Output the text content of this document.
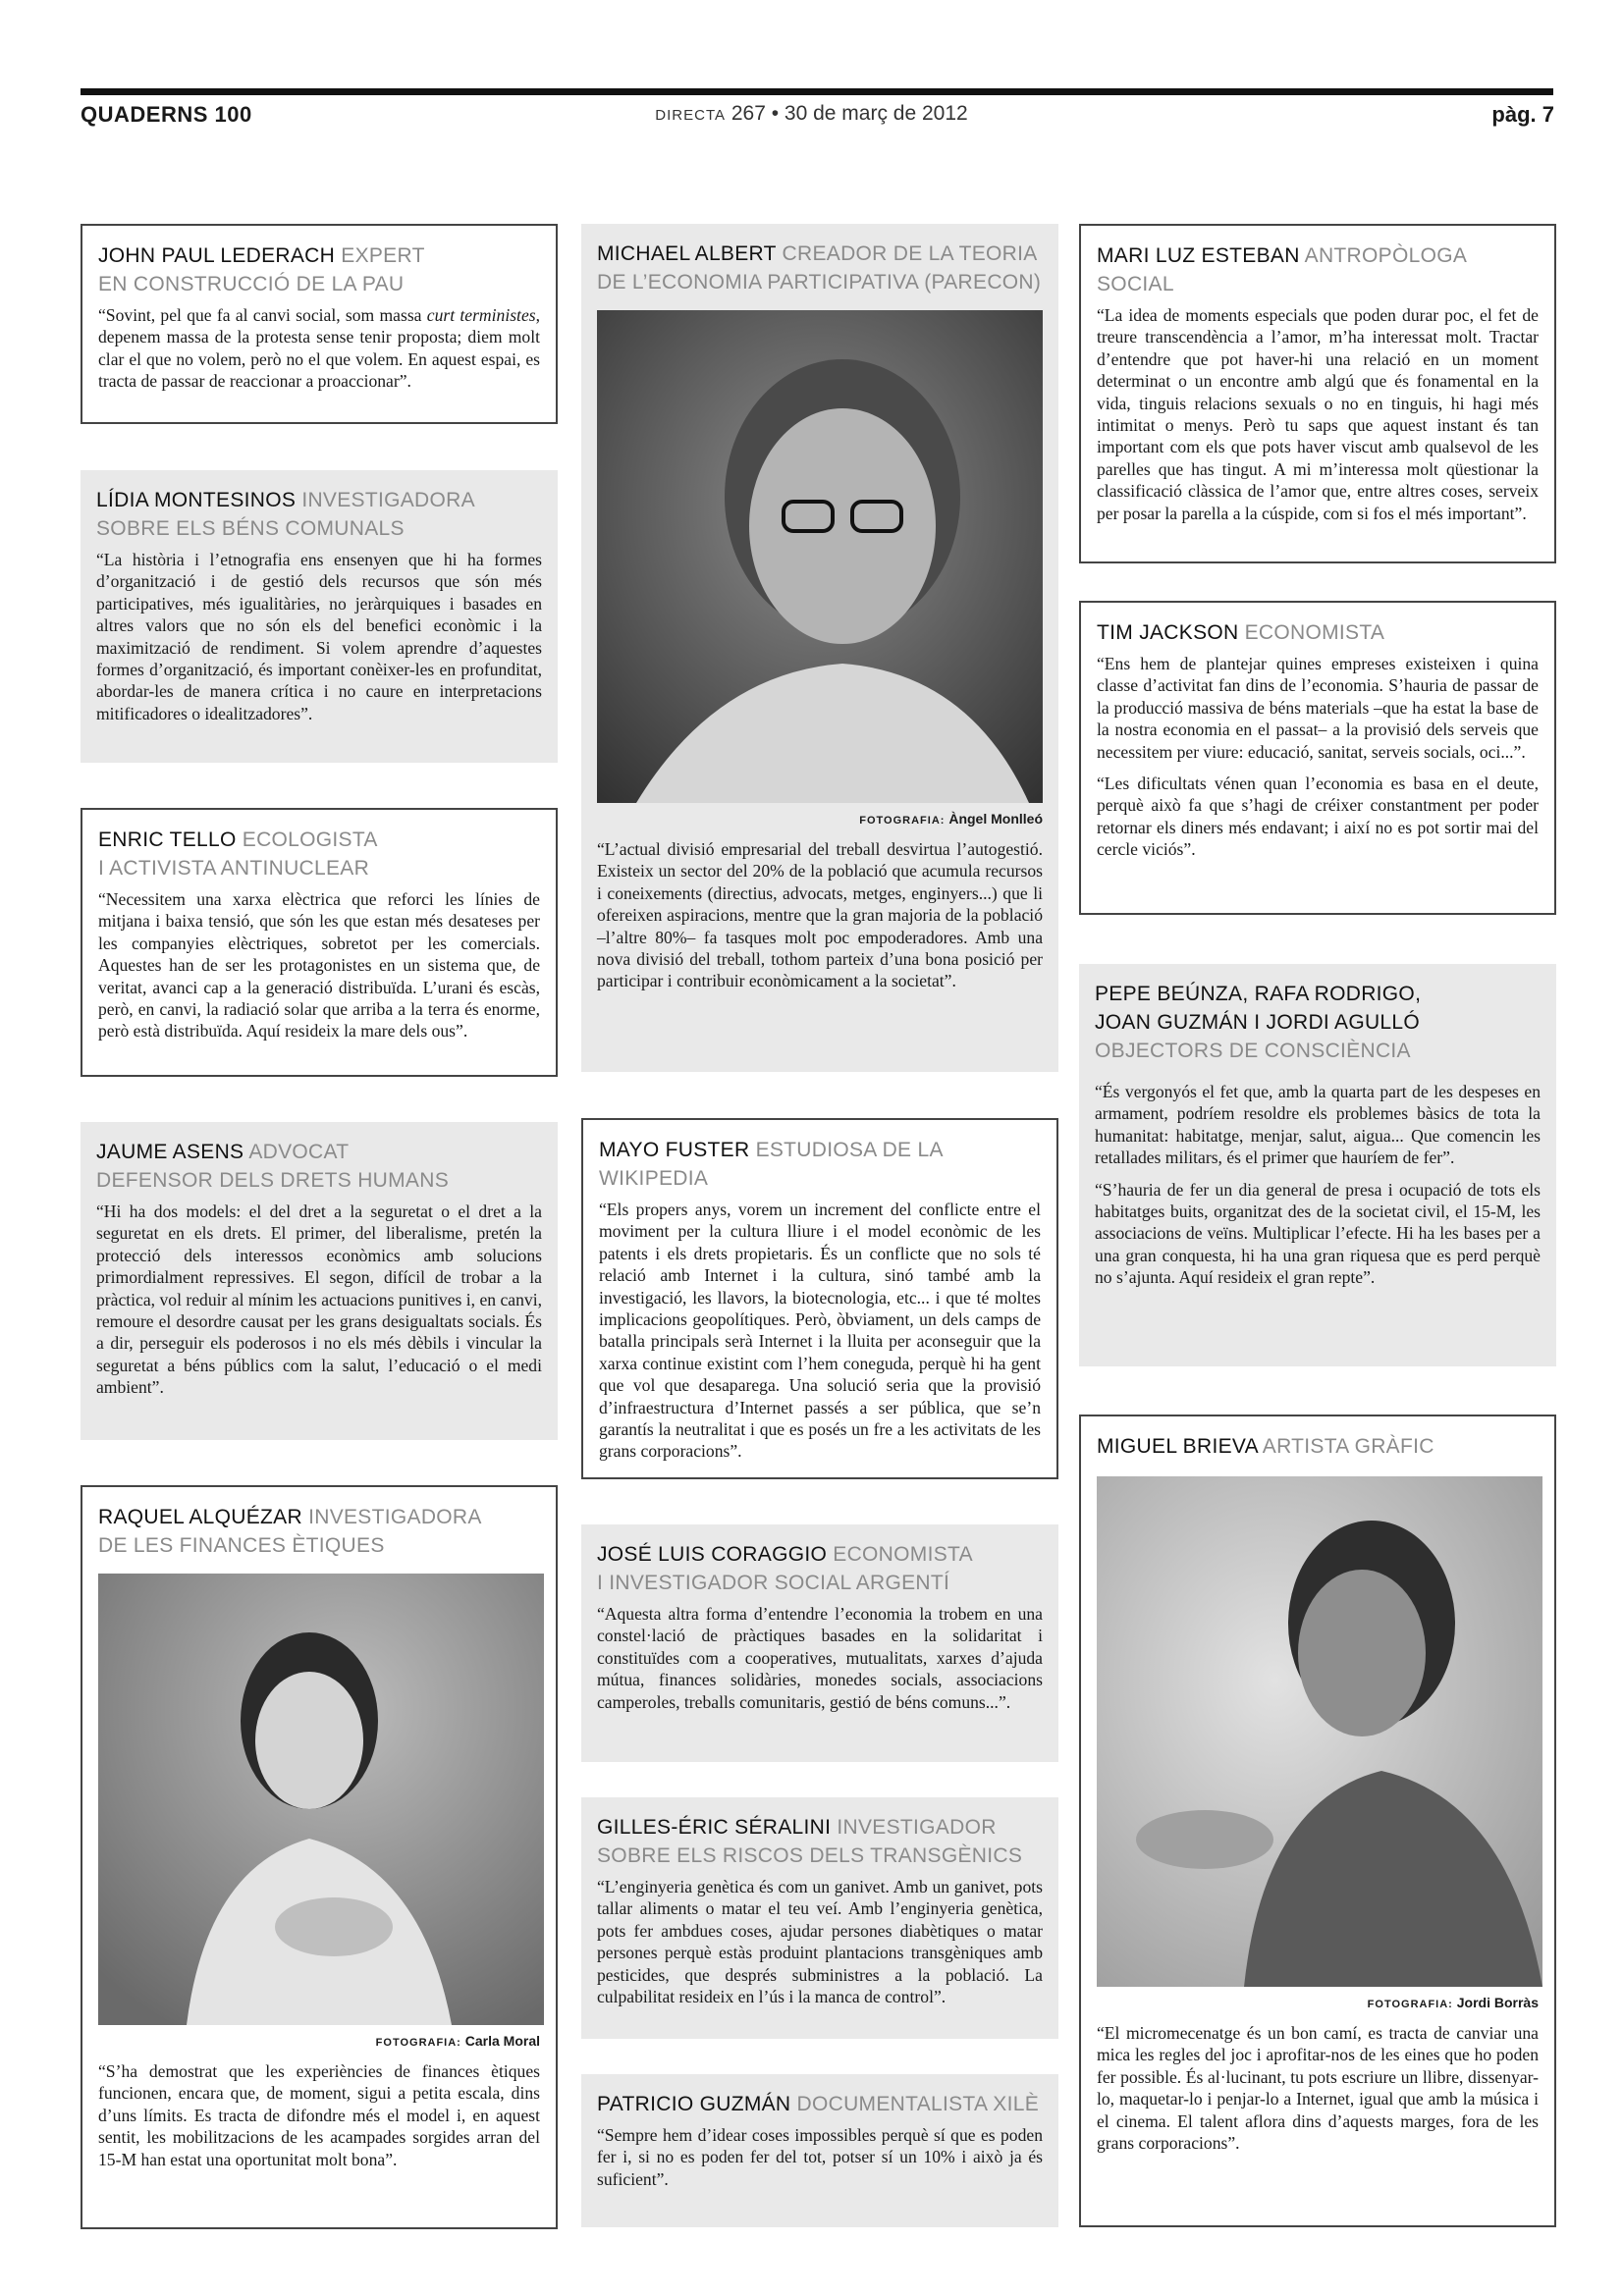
QUADERNS 100	DIRECTA 267 • 30 de març de 2012	pàg. 7
JOHN PAUL LEDERACH EXPERT
EN CONSTRUCCIÓ DE LA PAU

“Sovint, pel que fa al canvi social, som massa curt terministes, depenem massa de la protesta sense tenir proposta; diem molt clar el que no volem, però no el que volem. En aquest espai, es tracta de passar de reaccionar a proaccionar”.

LÍDIA MONTESINOS INVESTIGADORA
SOBRE ELS BÉNS COMUNALS

“La història i l’etnografia ens ensenyen que hi ha formes d’organització i de gestió dels recursos que són més participatives, més igualitàries, no jeràrquiques i basades en altres valors que no són els del benefici econòmic i la maximització de rendiment. Si volem aprendre d’aquestes formes d’organització, és important conèixer-les en profunditat, abordar-les de manera crítica i no caure en interpretacions mitificadores o idealitzadores”.

ENRIC TELLO ECOLOGISTA
I ACTIVISTA ANTINUCLEAR

“Necessitem una xarxa elèctrica que reforci les línies de mitjana i baixa tensió, que són les que estan més desateses per les companyies elèctriques, sobretot per les comercials. Aquestes han de ser les protagonistes en un sistema que, de veritat, avanci cap a la generació distribuïda. L’urani és escàs, però, en canvi, la radiació solar que arriba a la terra és enorme, però està distribuïda. Aquí resideix la mare dels ous”.

JAUME ASENS ADVOCAT
DEFENSOR DELS DRETS HUMANS

“Hi ha dos models: el del dret a la seguretat o el dret a la seguretat en els drets. El primer, del liberalisme, pretén la protecció dels interessos econòmics amb solucions primordialment repressives. El segon, difícil de trobar a la pràctica, vol reduir al mínim les actuacions punitives i, en canvi, remoure el desordre causat per les grans desigualtats socials. És a dir, perseguir els poderosos i no els més dèbils i vincular la seguretat a béns públics com la salut, l’educació o el medi ambient”.

RAQUEL ALQUÉZAR INVESTIGADORA
DE LES FINANCES ÈTIQUES
FOTOGRAFIA: Carla Moral

“S’ha demostrat que les experiències de finances ètiques funcionen, encara que, de moment, sigui a petita escala, dins d’uns límits. Es tracta de difondre més el model i, en aquest sentit, les mobilitzacions de les acampades sorgides arran del 15-M han estat una oportunitat molt bona”.

MICHAEL ALBERT CREADOR DE LA TEORIA
DE L’ECONOMIA PARTICIPATIVA (PARECON)
FOTOGRAFIA: Àngel Monlleó

“L’actual divisió empresarial del treball desvirtua l’autogestió. Existeix un sector del 20% de la població que acumula recursos i coneixements (directius, advocats, metges, enginyers...) que li ofereixen aspiracions, mentre que la gran majoria de la població –l’altre 80%– fa tasques molt poc empoderadores. Amb una nova divisió del treball, tothom parteix d’una bona posició per participar i contribuir econòmicament a la societat”.

MAYO FUSTER ESTUDIOSA DE LA WIKIPEDIA

“Els propers anys, vorem un increment del conflicte entre el moviment per la cultura lliure i el model econòmic de les patents i els drets propietaris. És un conflicte que no sols té relació amb Internet i la cultura, sinó també amb la investigació, les llavors, la biotecnologia, etc... i que té moltes implicacions geopolítiques. Però, òbviament, un dels camps de batalla principals serà Internet i la lluita per aconseguir que la xarxa continue existint com l’hem coneguda, perquè hi ha gent que vol que desaparega. Una solució seria que la provisió d’infraestructura d’Internet passés a ser pública, que se’n garantís la neutralitat i que es posés un fre a les activitats de les grans corporacions”.

JOSÉ LUIS CORAGGIO ECONOMISTA
I INVESTIGADOR SOCIAL ARGENTÍ

“Aquesta altra forma d’entendre l’economia la trobem en una constel·lació de pràctiques basades en la solidaritat i constituïdes com a cooperatives, mutualitats, xarxes d’ajuda mútua, finances solidàries, monedes socials, associacions camperoles, treballs comunitaris, gestió de béns comuns...”.

GILLES-ÉRIC SÉRALINI INVESTIGADOR
SOBRE ELS RISCOS DELS TRANSGÈNICS

“L’enginyeria genètica és com un ganivet. Amb un ganivet, pots tallar aliments o matar el teu veí. Amb l’enginyeria genètica, pots fer ambdues coses, ajudar persones diabètiques o matar persones perquè estàs produint plantacions transgèniques amb pesticides, que després subministres a la població. La culpabilitat resideix en l’ús i la manca de control”.

PATRICIO GUZMÁN DOCUMENTALISTA XILÈ

“Sempre hem d’idear coses impossibles perquè sí que es poden fer i, si no es poden fer del tot, potser sí un 10% i això ja és suficient”.

MARI LUZ ESTEBAN ANTROPÒLOGA SOCIAL

“La idea de moments especials que poden durar poc, el fet de treure transcendència a l’amor, m’ha interessat molt. Tractar d’entendre que pot haver-hi una relació en un moment determinat o un encontre amb algú que és fonamental en la vida, tinguis relacions sexuals o no en tinguis, hi hagi més intimitat o menys. Però tu saps que aquest instant és tan important com els que pots haver viscut amb qualsevol de les parelles que has tingut. A mi m’interessa molt qüestionar la classificació clàssica de l’amor que, entre altres coses, serveix per posar la parella a la cúspide, com si fos el més important”.

TIM JACKSON ECONOMISTA

“Ens hem de plantejar quines empreses existeixen i quina classe d’activitat fan dins de l’economia. S’hauria de passar de la producció massiva de béns materials –que ha estat la base de la nostra economia en el passat– a la provisió dels serveis que necessitem per viure: educació, sanitat, serveis socials, oci...”.

“Les dificultats vénen quan l’economia es basa en el deute, perquè això fa que s’hagi de créixer constantment per poder retornar els diners més endavant; i així no es pot sortir mai del cercle viciós”.

PEPE BEÚNZA, RAFA RODRIGO,
JOAN GUZMÁN I JORDI AGULLÓ
OBJECTORS DE CONSCIÈNCIA

“És vergonyós el fet que, amb la quarta part de les despeses en armament, podríem resoldre els problemes bàsics de tota la humanitat: habitatge, menjar, salut, aigua... Que comencin les retallades militars, és el primer que hauríem de fer”.

“S’hauria de fer un dia general de presa i ocupació de tots els habitatges buits, organitzat des de la societat civil, el 15-M, les associacions de veïns. Multiplicar l’efecte. Hi ha les bases per a una gran conquesta, hi ha una gran riquesa que es perd perquè no s’ajunta. Aquí resideix el gran repte”.

MIGUEL BRIEVA ARTISTA GRÀFIC
FOTOGRAFIA: Jordi Borràs

“El micromecenatge és un bon camí, es tracta de canviar una mica les regles del joc i aprofitar-nos de les eines que ho poden fer possible. És al·lucinant, tu pots escriure un llibre, dissenyar-lo, maquetar-lo i penjar-lo a Internet, igual que amb la música i el cinema. El talent aflora dins d’aquests marges, fora de les grans corporacions”.
